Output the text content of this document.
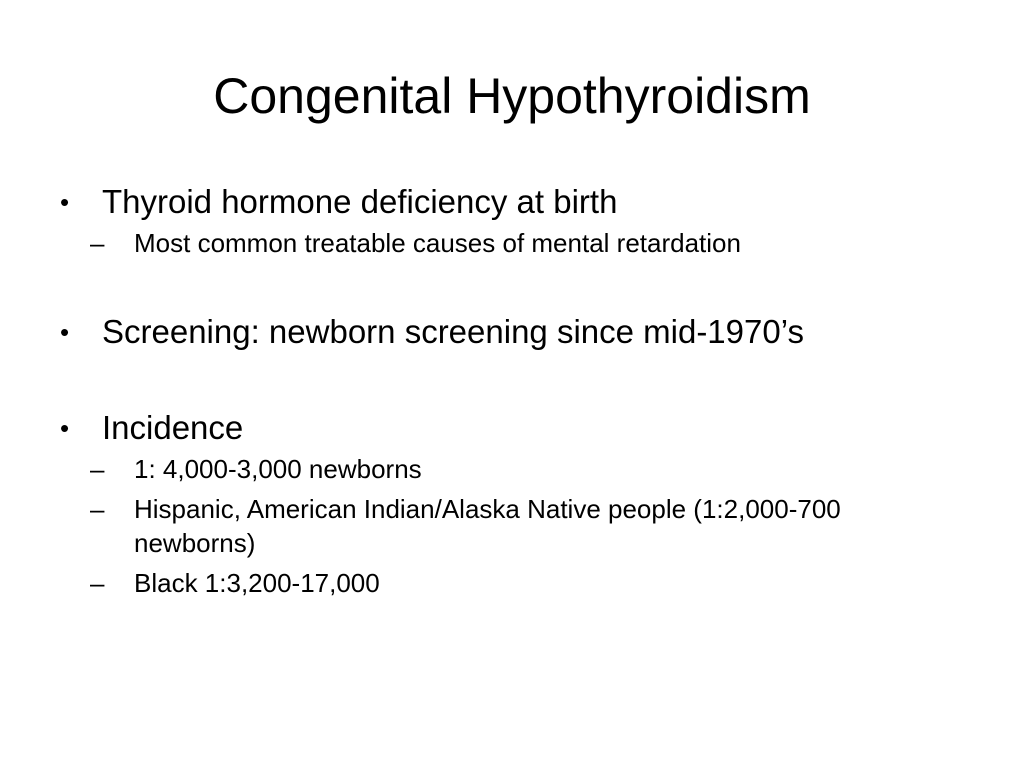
Congenital Hypothyroidism
• Thyroid hormone deficiency at birth
– Most common treatable causes of mental retardation
• Screening: newborn screening since mid-1970’s
• Incidence
– 1: 4,000-3,000 newborns
– Hispanic, American Indian/Alaska Native people (1:2,000-700 newborns)
– Black 1:3,200-17,000
